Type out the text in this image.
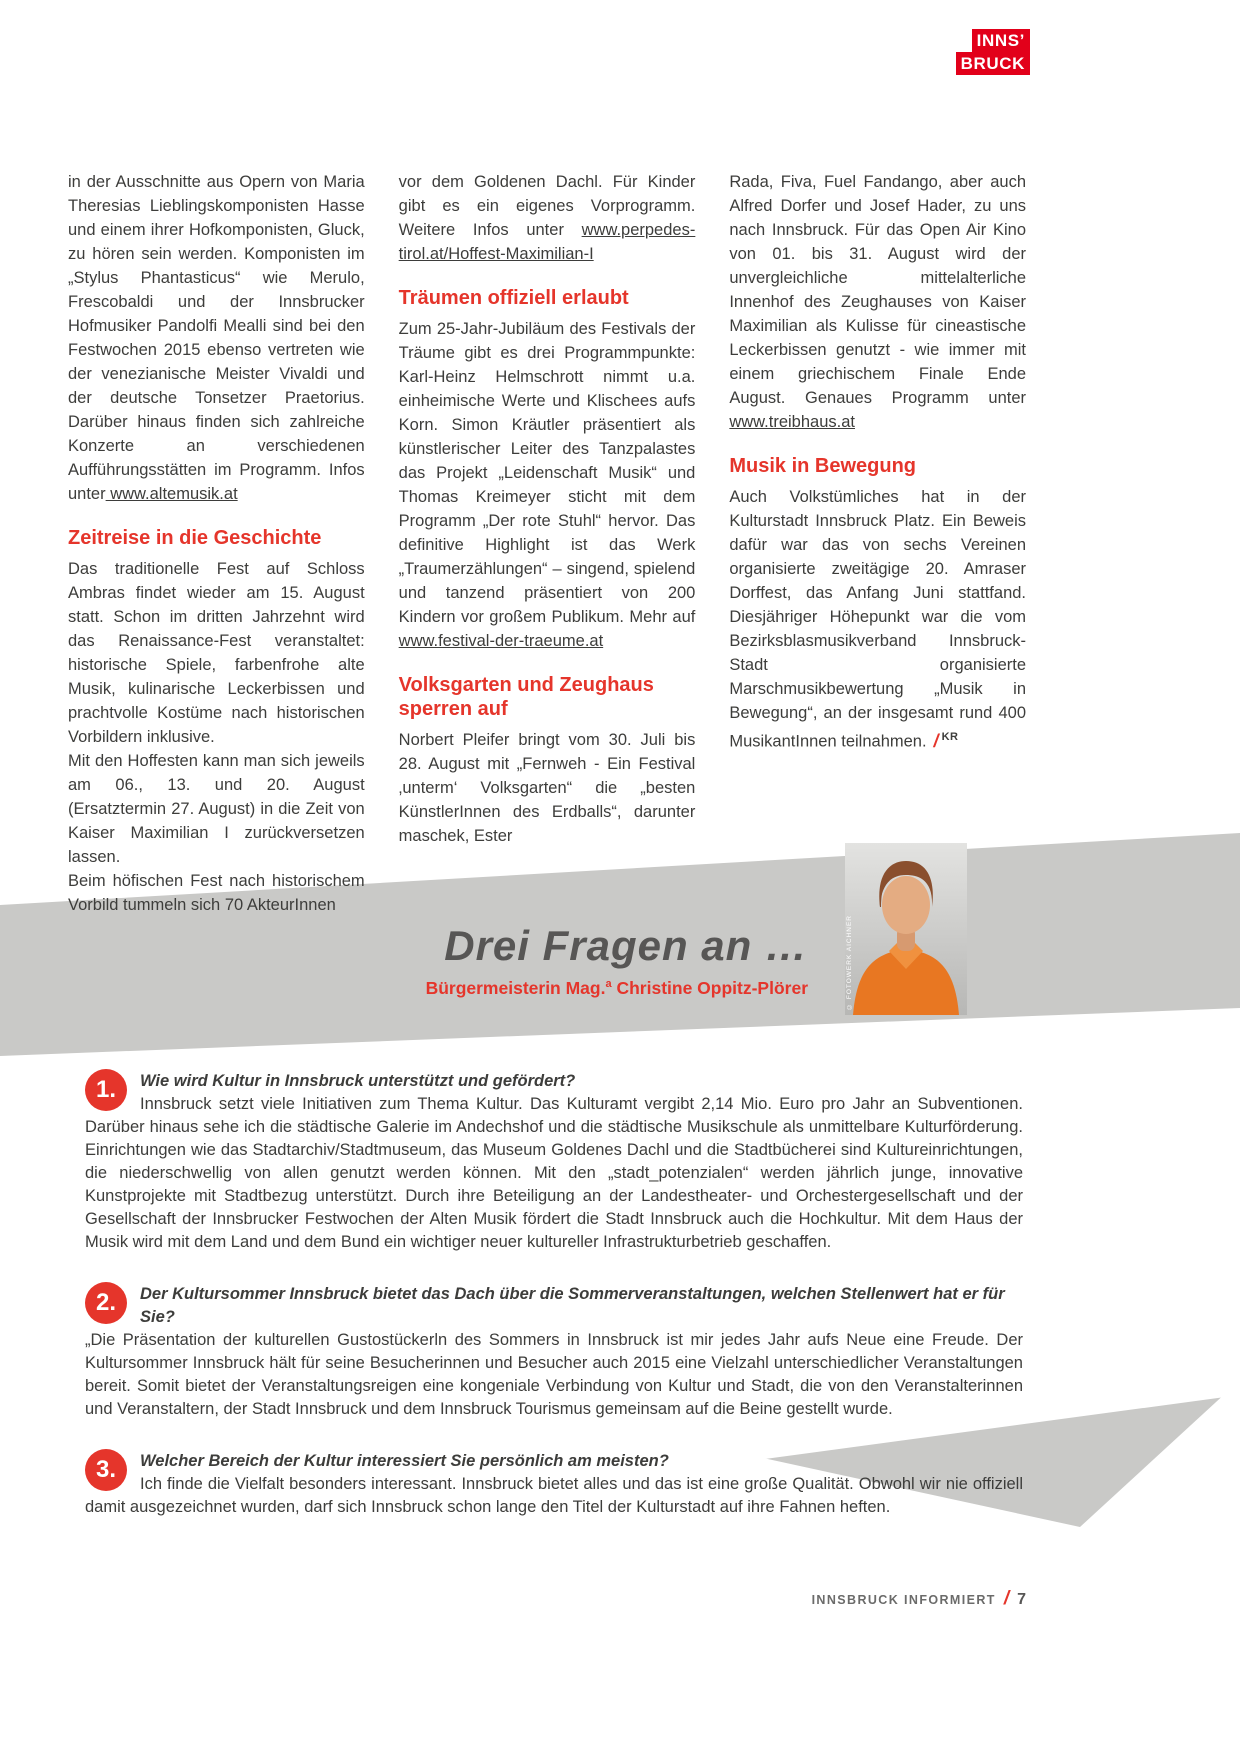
INNS’
BRUCK

in der Ausschnitte aus Opern von Maria Theresias Lieblingskomponisten Hasse und einem ihrer Hofkomponisten, Gluck, zu hören sein werden. Komponisten im „Stylus Phantasticus“ wie Merulo, Frescobaldi und der Innsbrucker Hofmusiker Pandolfi Mealli sind bei den Festwochen 2015 ebenso vertreten wie der venezianische Meister Vivaldi und der deutsche Tonsetzer Praetorius. Darüber hinaus finden sich zahlreiche Konzerte an verschiedenen Aufführungsstätten im Programm. Infos unter www.altemusik.at

Zeitreise in die Geschichte

Das traditionelle Fest auf Schloss Ambras findet wieder am 15. August statt. Schon im dritten Jahrzehnt wird das Renaissance-Fest veranstaltet: historische Spiele, farbenfrohe alte Musik, kulinarische Leckerbissen und prachtvolle Kostüme nach historischen Vorbildern inklusive.

Mit den Hoffesten kann man sich jeweils am 06., 13. und 20. August (Ersatztermin 27. August) in die Zeit von Kaiser Maximilian I zurückversetzen lassen.

Beim höfischen Fest nach historischem Vorbild tummeln sich 70 AkteurInnen

vor dem Goldenen Dachl. Für Kinder gibt es ein eigenes Vorprogramm. Weitere Infos unter www.perpedes-tirol.at/Hoffest-Maximilian-I

Träumen offiziell erlaubt

Zum 25-Jahr-Jubiläum des Festivals der Träume gibt es drei Programmpunkte: Karl-Heinz Helmschrott nimmt u.a. einheimische Werte und Klischees aufs Korn. Simon Kräutler präsentiert als künstlerischer Leiter des Tanzpalastes das Projekt „Leidenschaft Musik“ und Thomas Kreimeyer sticht mit dem Programm „Der rote Stuhl“ hervor. Das definitive Highlight ist das Werk „Traumerzählungen“ – singend, spielend und tanzend präsentiert von 200 Kindern vor großem Publikum. Mehr auf www.festival-der-traeume.at

Volksgarten und Zeughaus sperren auf

Norbert Pleifer bringt vom 30. Juli bis 28. August mit „Fernweh - Ein Festival ‚unterm‘ Volksgarten“ die „besten KünstlerInnen des Erdballs“, darunter maschek, Ester

Rada, Fiva, Fuel Fandango, aber auch Alfred Dorfer und Josef Hader, zu uns nach Innsbruck. Für das Open Air Kino von 01. bis 31. August wird der unvergleichliche mittelalterliche Innenhof des Zeughauses von Kaiser Maximilian als Kulisse für cineastische Leckerbissen genutzt - wie immer mit einem griechischem Finale Ende August. Genaues Programm unter www.treibhaus.at

Musik in Bewegung

Auch Volkstümliches hat in der Kulturstadt Innsbruck Platz. Ein Beweis dafür war das von sechs Vereinen organisierte zweitägige 20. Amraser Dorffest, das Anfang Juni stattfand. Diesjähriger Höhepunkt war die vom Bezirksblasmusikverband Innsbruck-Stadt organisierte Marschmusikbewertung „Musik in Bewegung“, an der insgesamt rund 400 MusikantInnen teilnahmen. / $^{KR}$

Drei Fragen an …
Bürgermeisterin Mag.$^a$ Christine Oppitz-Plörer	© FOTOWERK AICHNER
1.	Wie wird Kultur in Innsbruck unterstützt und gefördert?
Innsbruck setzt viele Initiativen zum Thema Kultur. Das Kulturamt vergibt 2,14 Mio. Euro pro Jahr an Subventionen. Darüber hinaus sehe ich die städtische Galerie im Andechshof und die städtische Musikschule als unmittelbare Kulturförderung. Einrichtungen wie das Stadtarchiv/Stadtmuseum, das Museum Goldenes Dachl und die Stadtbücherei sind Kultureinrichtungen, die niederschwellig von allen genutzt werden können. Mit den „stadt_potenzialen“ werden jährlich junge, innovative Kunstprojekte mit Stadtbezug unterstützt. Durch ihre Beteiligung an der Landestheater- und Orchestergesellschaft und der Gesellschaft der Innsbrucker Festwochen der Alten Musik fördert die Stadt Innsbruck auch die Hochkultur. Mit dem Haus der Musik wird mit dem Land und dem Bund ein wichtiger neuer kultureller Infrastrukturbetrieb geschaffen.
2.	Der Kultursommer Innsbruck bietet das Dach über die Sommerveranstaltungen, welchen Stellenwert hat er für Sie?
„Die Präsentation der kulturellen Gustostückerln des Sommers in Innsbruck ist mir jedes Jahr aufs Neue eine Freude. Der Kultursommer Innsbruck hält für seine Besucherinnen und Besucher auch 2015 eine Vielzahl unterschiedlicher Veranstaltungen bereit. Somit bietet der Veranstaltungsreigen eine kongeniale Verbindung von Kultur und Stadt, die von den Veranstalterinnen und Veranstaltern, der Stadt Innsbruck und dem Innsbruck Tourismus gemeinsam auf die Beine gestellt wurde.
3.	Welcher Bereich der Kultur interessiert Sie persönlich am meisten?
Ich finde die Vielfalt besonders interessant. Innsbruck bietet alles und das ist eine große Qualität. Obwohl wir nie offiziell damit ausgezeichnet wurden, darf sich Innsbruck schon lange den Titel der Kulturstadt auf ihre Fahnen heften.
INNSBRUCK INFORMIERT / 7
